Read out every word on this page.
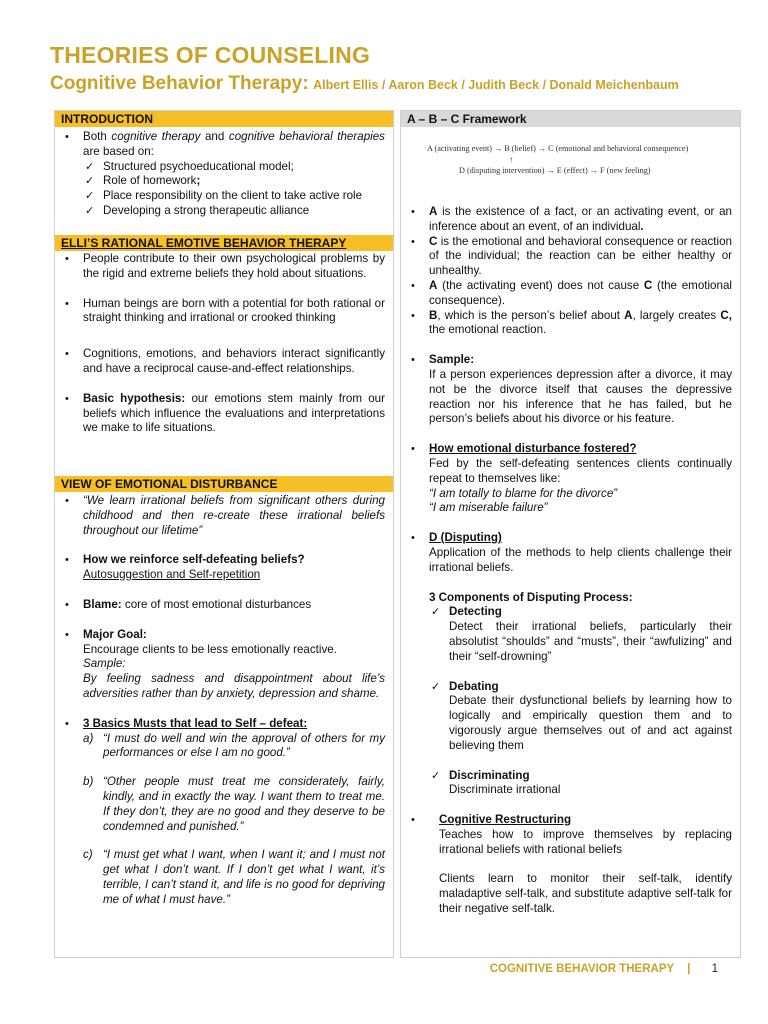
THEORIES OF COUNSELING
Cognitive Behavior Therapy: Albert Ellis / Aaron Beck / Judith Beck / Donald Meichenbaum
INTRODUCTION
• Both cognitive therapy and cognitive behavioral therapies are based on:
✓ Structured psychoeducational model;
✓ Role of homework;
✓ Place responsibility on the client to take active role
✓ Developing a strong therapeutic alliance
ELLI’S RATIONAL EMOTIVE BEHAVIOR THERAPY
• People contribute to their own psychological problems by the rigid and extreme beliefs they hold about situations.
• Human beings are born with a potential for both rational or straight thinking and irrational or crooked thinking
• Cognitions, emotions, and behaviors interact significantly and have a reciprocal cause-and-effect relationships.
• Basic hypothesis: our emotions stem mainly from our beliefs which influence the evaluations and interpretations we make to life situations.
VIEW OF EMOTIONAL DISTURBANCE
• “We learn irrational beliefs from significant others during childhood and then re-create these irrational beliefs throughout our lifetime”
• How we reinforce self-defeating beliefs?
Autosuggestion and Self-repetition
• Blame: core of most emotional disturbances
• Major Goal:
Encourage clients to be less emotionally reactive.
Sample:
By feeling sadness and disappointment about life’s adversities rather than by anxiety, depression and shame.
• 3 Basics Musts that lead to Self – defeat:
a) “I must do well and win the approval of others for my performances or else I am no good.”
b) “Other people must treat me considerately, fairly, kindly, and in exactly the way. I want them to treat me. If they don’t, they are no good and they deserve to be condemned and punished.”
c) “I must get what I want, when I want it; and I must not get what I don’t want. If I don’t get what I want, it’s terrible, I can’t stand it, and life is no good for depriving me of what I must have.”
A – B – C Framework
A (activating event) → B (belief) → C (emotional and behavioral consequence)
↑
D (disputing intervention) → E (effect) → F (new feeling)
• A is the existence of a fact, or an activating event, or an inference about an event, of an individual.
• C is the emotional and behavioral consequence or reaction of the individual; the reaction can be either healthy or unhealthy.
• A (the activating event) does not cause C (the emotional consequence).
• B, which is the person’s belief about A, largely creates C, the emotional reaction.
• Sample:
If a person experiences depression after a divorce, it may not be the divorce itself that causes the depressive reaction nor his inference that he has failed, but he person’s beliefs about his divorce or his feature.
• How emotional disturbance fostered?
Fed by the self-defeating sentences clients continually repeat to themselves like:
“I am totally to blame for the divorce”
“I am miserable failure”
• D (Disputing)
Application of the methods to help clients challenge their irrational beliefs.
3 Components of Disputing Process:
✓ Detecting

Detect their irrational beliefs, particularly their absolutist “shoulds” and “musts”, their “awfulizing” and their “self-drowning”
✓ Debating

Debate their dysfunctional beliefs by learning how to logically and empirically question them and to vigorously argue themselves out of and act against believing them
✓ Discriminating

Discriminate irrational
• Cognitive Restructuring

Teaches how to improve themselves by replacing irrational beliefs with rational beliefs
Clients learn to monitor their self-talk, identify maladaptive self-talk, and substitute adaptive self-talk for their negative self-talk.
COGNITIVE BEHAVIOR THERAPY | 1
